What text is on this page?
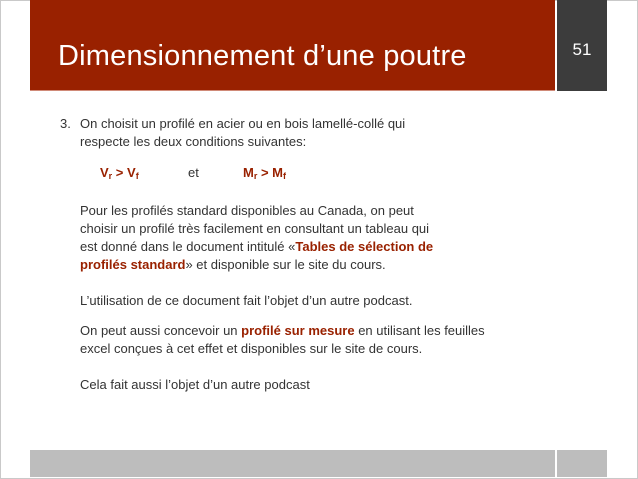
Dimensionnement d’une poutre	51
3. On choisit un profilé en acier ou en bois lamellé-collé qui
respecte les deux conditions suivantes:
$V_r > V_f$	et	$M_r > M_f$
Pour les profilés standard disponibles au Canada, on peut
choisir un profilé très facilement en consultant un tableau qui
est donné dans le document intitulé «Tables de sélection de
profilés standard» et disponible sur le site du cours.
L’utilisation de ce document fait l’objet d’un autre podcast.
On peut aussi concevoir un profilé sur mesure en utilisant les feuilles
excel conçues à cet effet et disponibles sur le site de cours.
Cela fait aussi l’objet d’un autre podcast
